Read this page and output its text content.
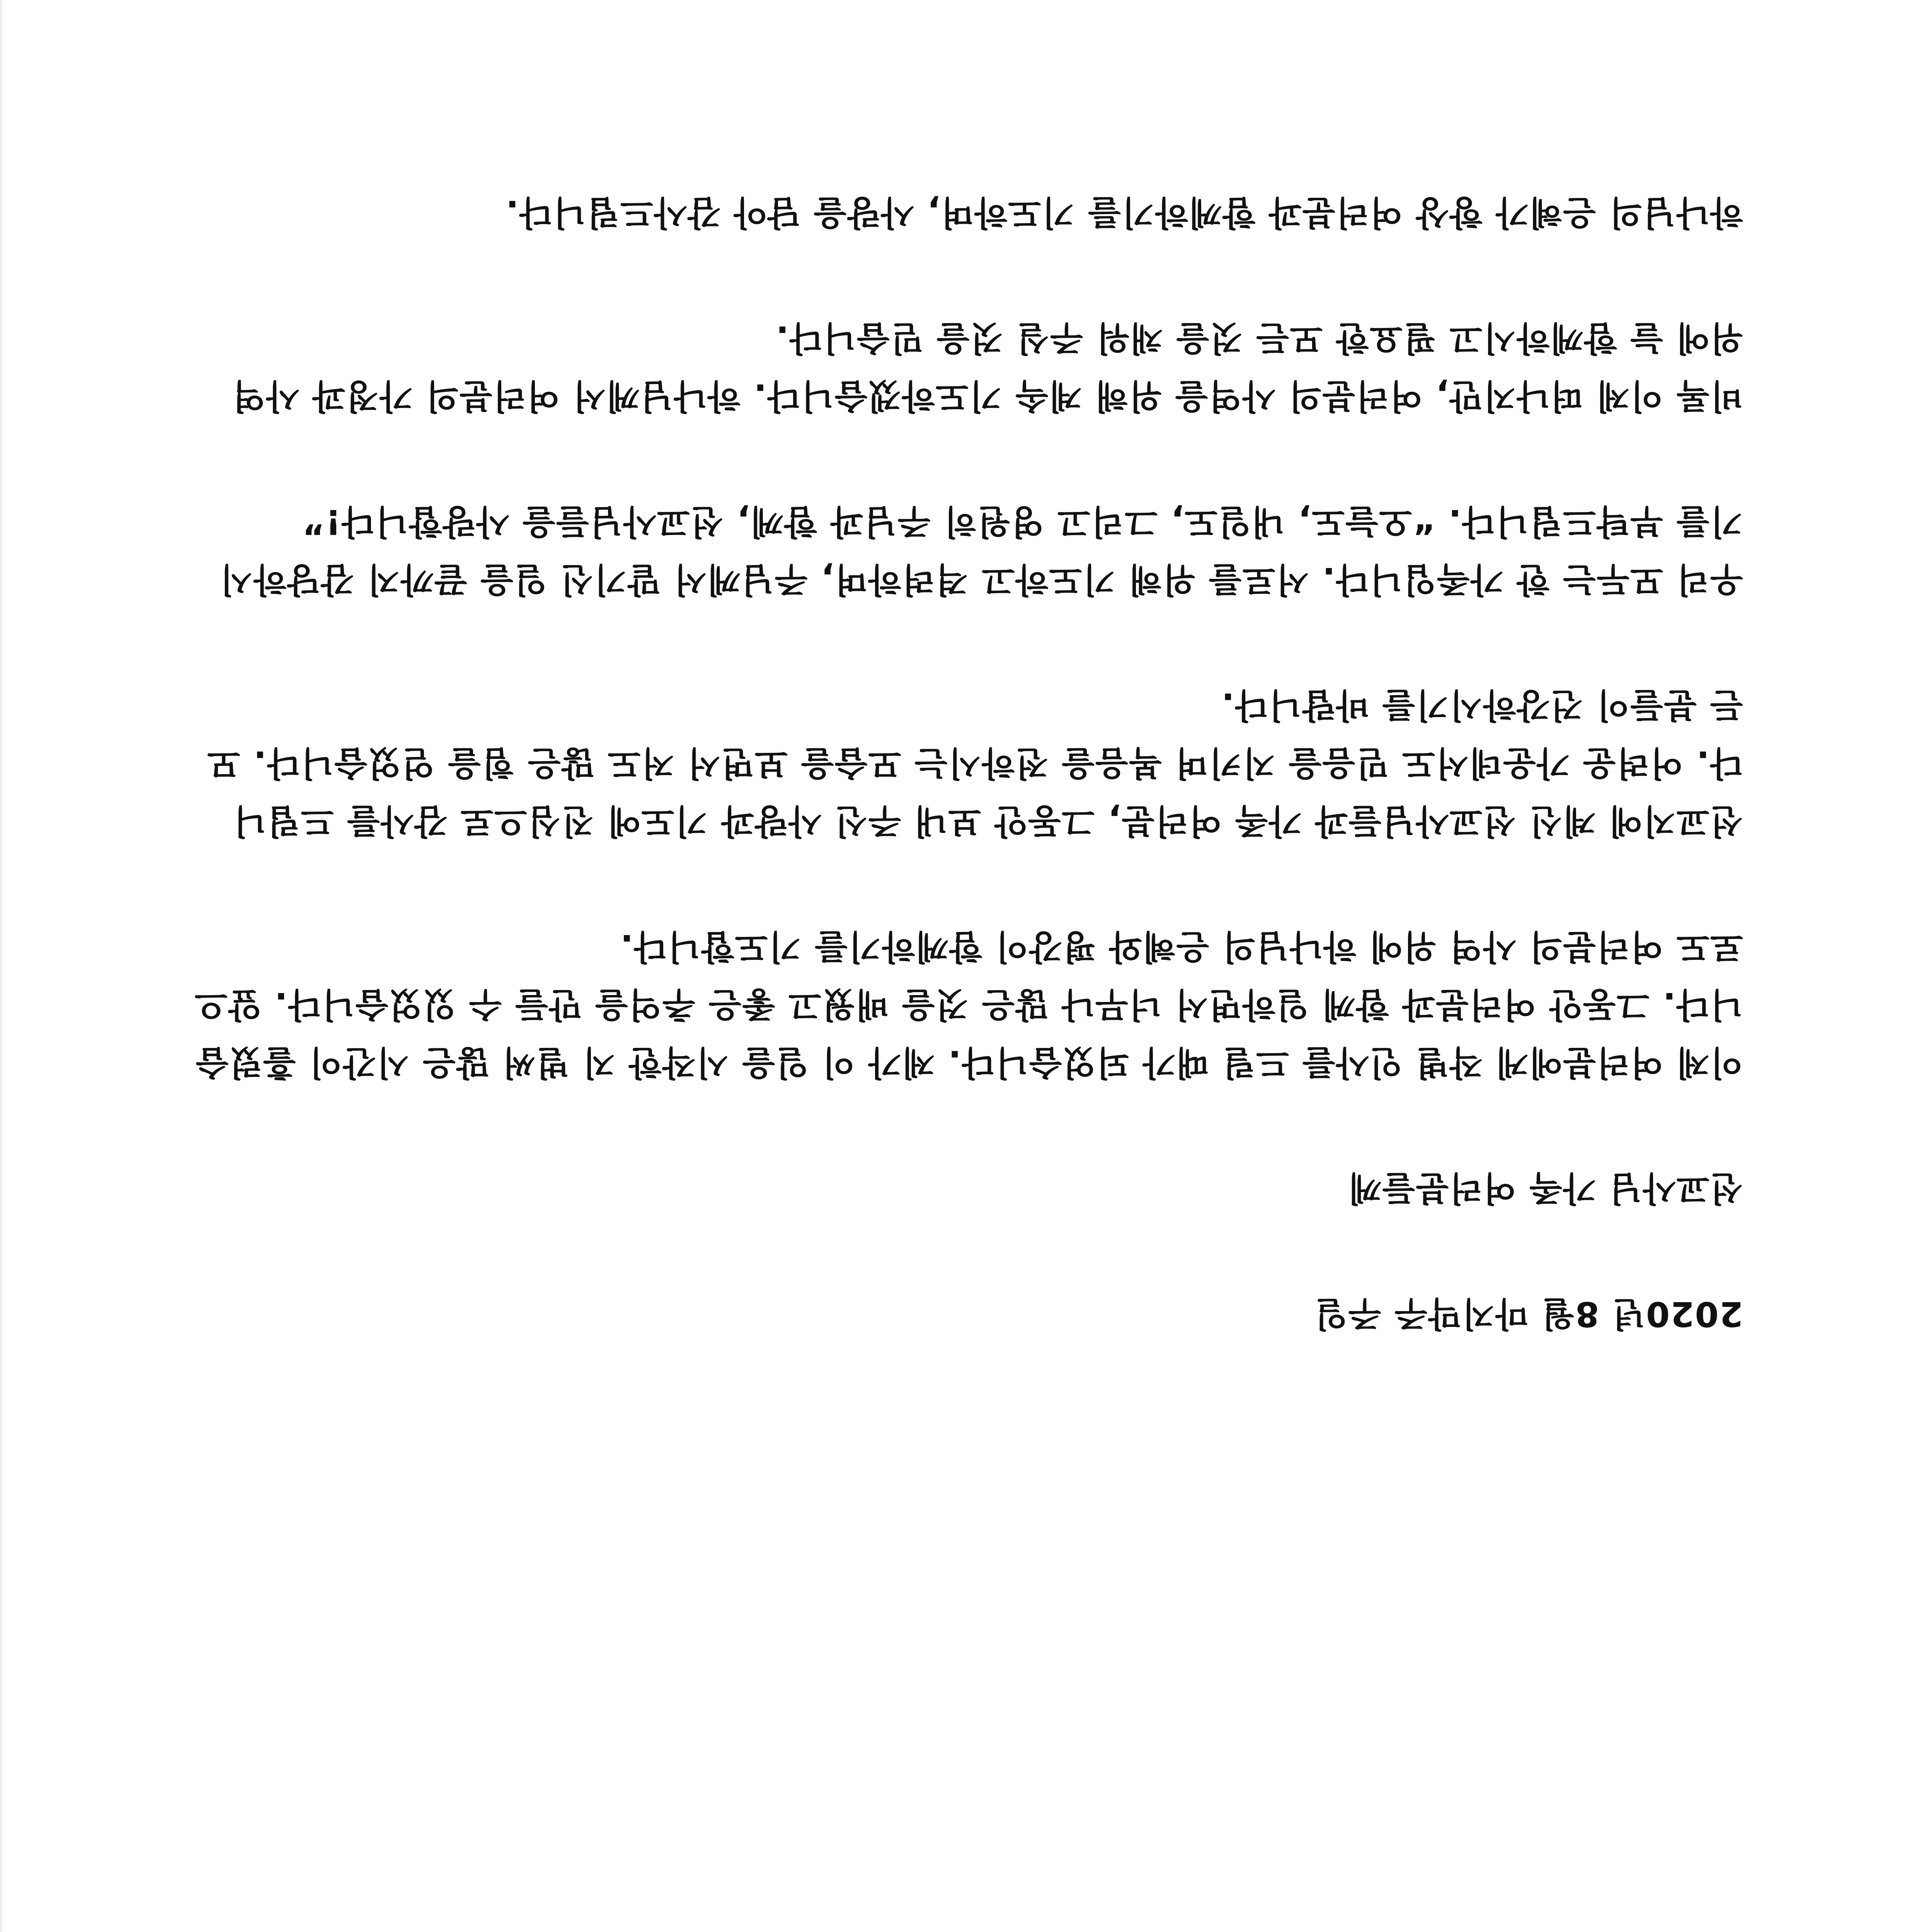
2020년 8월 마지막주 주일

선교사님 가족 여러분들께

이제 여러분에게 작별 인사를 드릴 때가 되었습니다. 제가 이 일을 시작한 지 벌써 많은 시간이 흘렀습니다. 그동안 여러분과 함께 일하면서 너무나 많은 것을 배웠고 좋은 추억을 만들 수 있었습니다. 앞으로도 여러분의 사역 위에 하나님의 은혜와 평강이 함께하기를 기도합니다.

선교지에 계신 선교사님들과 가족 여러분, 그동안 보내 주신 사랑과 기도에 진심으로 감사를 드립니다. 어려운 가운데서도 믿음을 지키며 복음을 전하시는 모습을 보면서 저도 많은 힘을 얻었습니다. 모든 분들이 건강하시기를 바랍니다.

우리 모두는 한 가족입니다. 서로를 위해 기도하고 격려하며, 주님께서 맡기신 일을 끝까지 감당하시기를 부탁드립니다. “오늘도, 내일도, 그리고 영원히 주님과 함께, 선교사님들을 사랑합니다!”

비록 이제 떠나지만, 여러분의 사역을 위해 계속 기도하겠습니다. 하나님께서 여러분의 가정과 사역 위에 늘 함께하시고 필요한 모든 것을 채워 주실 것을 믿습니다.

하나님의 은혜가 항상 여러분과 함께하기를 기도하며, 사랑을 담아 감사드립니다.
